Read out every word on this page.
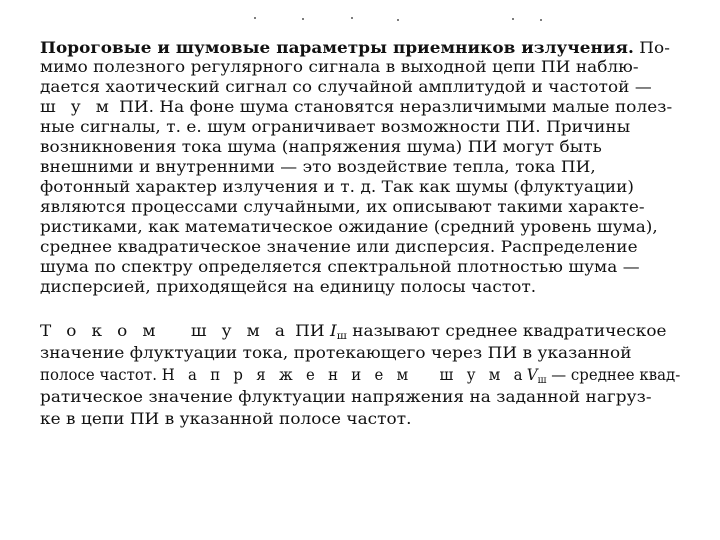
Пороговые и шумовые параметры приемников излучения. По-
мимо полезного регулярного сигнала в выходной цепи ПИ наблю-
дается хаотический сигнал со случайной амплитудой и частотой —
ш у м ПИ. На фоне шума становятся неразличимыми малые полез-
ные сигналы, т. е. шум ограничивает возможности ПИ. Причины
возникновения тока шума (напряжения шума) ПИ могут быть
внешними и внутренними — это воздействие тепла, тока ПИ,
фотонный характер излучения и т. д. Так как шумы (флуктуации)
являются процессами случайными, их описывают такими характе-
ристиками, как математическое ожидание (средний уровень шума),
среднее квадратическое значение или дисперсия. Распределение
шума по спектру определяется спектральной плотностью шума —
дисперсией, приходящейся на единицу полосы частот.
Т о к о м   ш у м а ПИ $I_ш$ называют среднее квадратическое
значение флуктуации тока, протекающего через ПИ в указанной
полосе частот. Н а п р я ж е н и е м   ш у м $аV_ш$ — среднее квад-
ратическое значение флуктуации напряжения на заданной нагруз-
ке в цепи ПИ в указанной полосе частот.
